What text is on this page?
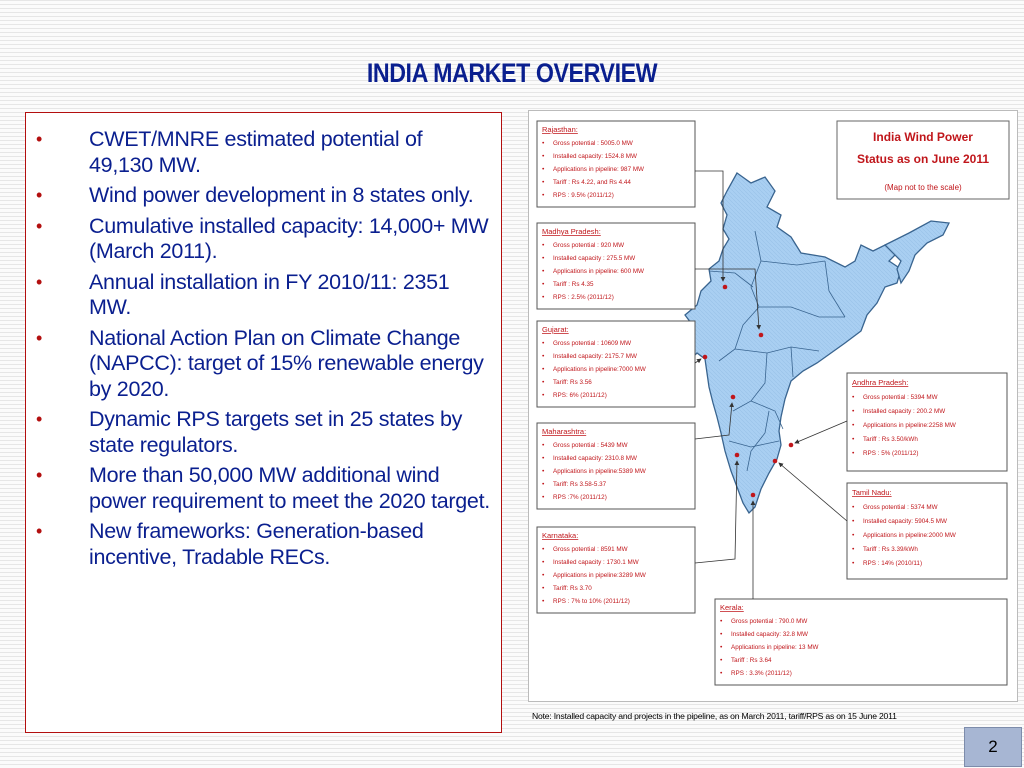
INDIA MARKET OVERVIEW
• CWET/MNRE estimated potential of 49,130 MW.
• Wind power development in 8 states only.
• Cumulative installed capacity: 14,000+ MW (March 2011).
• Annual installation in FY 2010/11: 2351 MW.
• National Action Plan on Climate Change (NAPCC): target of 15% renewable energy by 2020.
• Dynamic RPS targets set in 25 states by state regulators.
• More than 50,000 MW additional wind power requirement to meet the 2020 target.
• New frameworks: Generation-based incentive, Tradable RECs.
Rajasthan:
• Gross potential : 5005.0 MW
• Installed capacity: 1524.8 MW
• Applications in pipeline: 987 MW
• Tariff : Rs 4.22, and Rs 4.44
• RPS : 9.5% (2011/12)
Madhya Pradesh:
• Gross potential : 920 MW
• Installed capacity : 275.5 MW
• Applications in pipeline: 600 MW
• Tariff : Rs 4.35
• RPS : 2.5% (2011/12)
Gujarat:
• Gross potential : 10609 MW
• Installed capacity: 2175.7 MW
• Applications in pipeline:7000 MW
• Tariff: Rs 3.56
• RPS: 6% (2011/12)
Maharashtra:
• Gross potential : 5439 MW
• Installed capacity: 2310.8 MW
• Applications in pipeline:5389 MW
• Tariff: Rs 3.58-5.37
• RPS :7% (2011/12)
Karnataka:
• Gross potential : 8591 MW
• Installed capacity : 1730.1 MW
• Applications in pipeline:3289 MW
• Tariff: Rs 3.70
• RPS : 7% to 10% (2011/12)
Andhra Pradesh:
• Gross potential : 5394 MW
• Installed capacity : 200.2 MW
• Applications in pipeline:2258 MW
• Tariff : Rs 3.50/kWh
• RPS : 5% (2011/12)
Tamil Nadu:
• Gross potential : 5374 MW
• Installed capacity: 5904.5 MW
• Applications in pipeline:2000 MW
• Tariff : Rs 3.39/kWh
• RPS : 14% (2010/11)
Kerala:
• Gross potential : 790.0 MW
• Installed capacity: 32.8 MW
• Applications in pipeline: 13 MW
• Tariff : Rs 3.64
• RPS : 3.3% (2011/12)
India Wind Power
Status as on June 2011
(Map not to the scale)
Note: Installed capacity and projects in the pipeline, as on March 2011, tariff/RPS as on 15 June 2011
2
